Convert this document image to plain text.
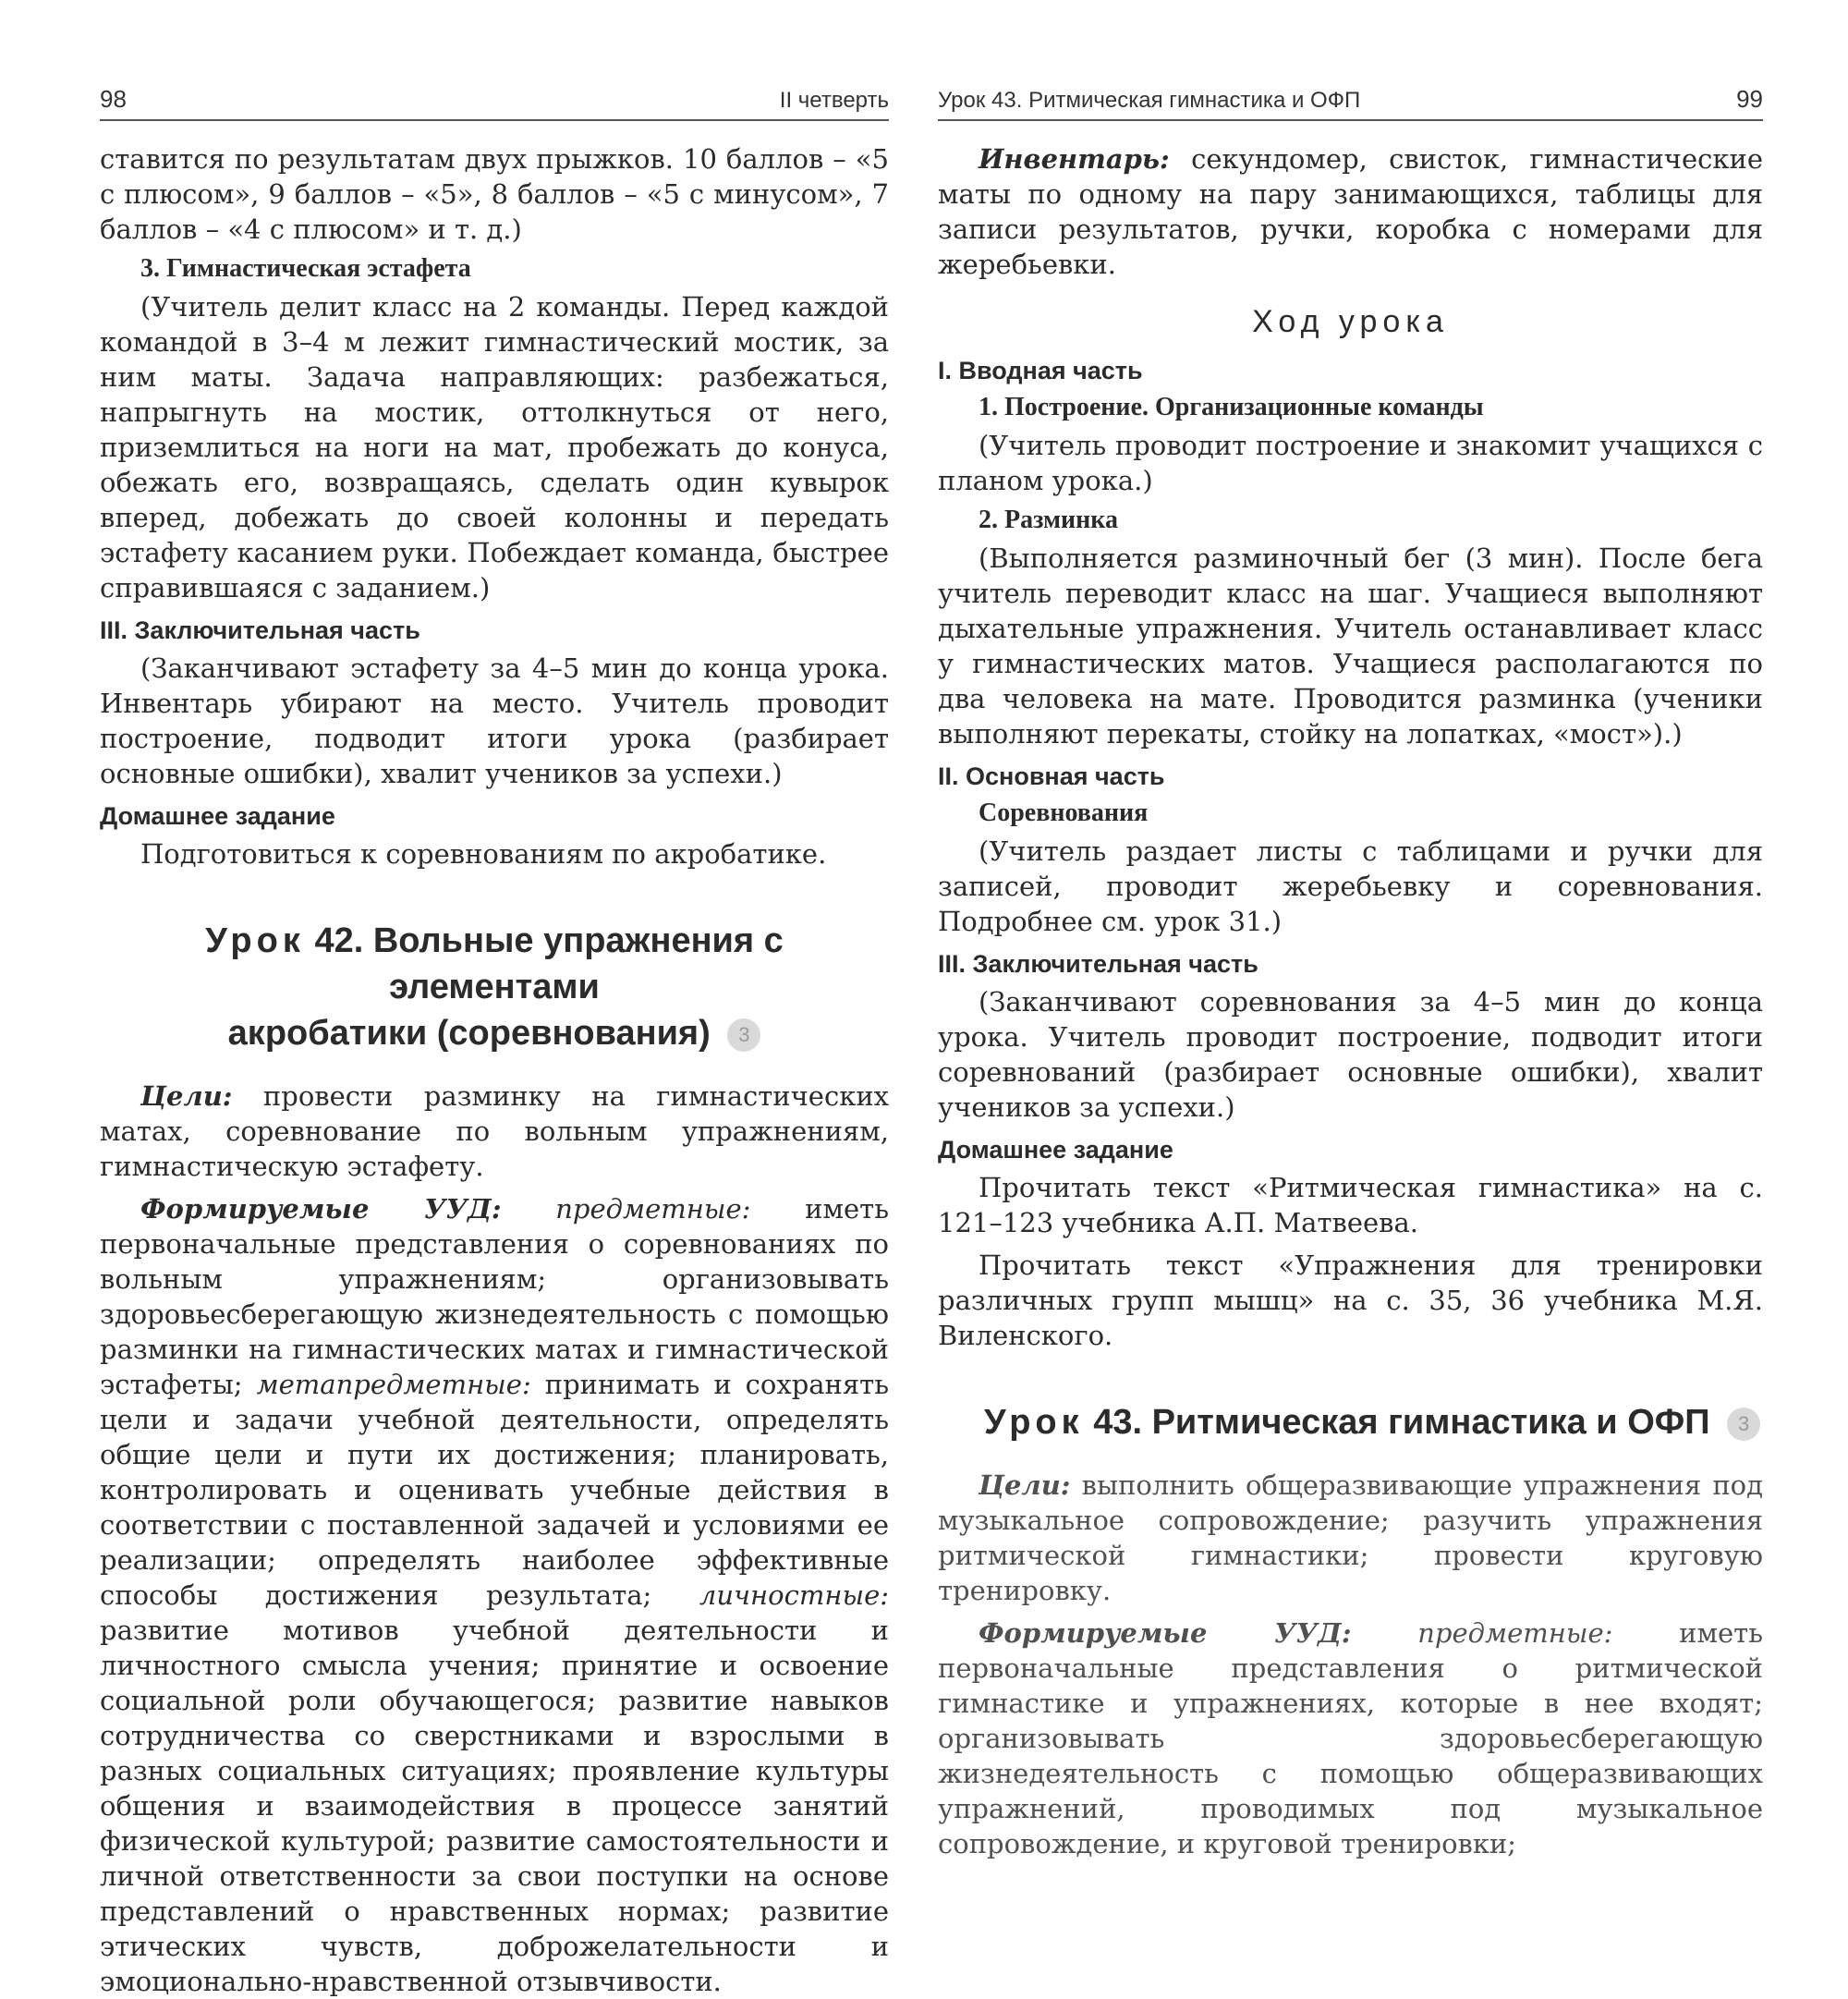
98	II четверть

ставится по результатам двух прыжков. 10 баллов – «5 с плюсом», 9 баллов – «5», 8 баллов – «5 с минусом», 7 баллов – «4 с плюсом» и т. д.)

3. Гимнастическая эстафета

(Учитель делит класс на 2 команды. Перед каждой командой в 3–4 м лежит гимнастический мостик, за ним маты. Задача направляющих: разбежаться, напрыгнуть на мостик, оттолкнуться от него, приземлиться на ноги на мат, пробежать до конуса, обежать его, возвращаясь, сделать один кувырок вперед, добежать до своей колонны и передать эстафету касанием руки. Побеждает команда, быстрее справившаяся с заданием.)

III. Заключительная часть

(Заканчивают эстафету за 4–5 мин до конца урока. Инвентарь убирают на место. Учитель проводит построение, подводит итоги урока (разбирает основные ошибки), хвалит учеников за успехи.)

Домашнее задание

Подготовиться к соревнованиям по акробатике.

Урок 42. Вольные упражнения с элементами
акробатики (соревнования) 3

Цели: провести разминку на гимнастических матах, соревнование по вольным упражнениям, гимнастическую эстафету.

Формируемые УУД: предметные: иметь первоначальные представления о соревнованиях по вольным упражнениям; организовывать здоровьесберегающую жизнедеятельность с помощью разминки на гимнастических матах и гимнастической эстафеты; метапредметные: принимать и сохранять цели и задачи учебной деятельности, определять общие цели и пути их достижения; планировать, контролировать и оценивать учебные действия в соответствии с поставленной задачей и условиями ее реализации; определять наиболее эффективные способы достижения результата; личностные: развитие мотивов учебной деятельности и личностного смысла учения; принятие и освоение социальной роли обучающегося; развитие навыков сотрудничества со сверстниками и взрослыми в разных социальных ситуациях; проявление культуры общения и взаимодействия в процессе занятий физической культурой; развитие самостоятельности и личной ответственности за свои поступки на основе представлений о нравственных нормах; развитие этических чувств, доброжелательности и эмоционально-нравственной отзывчивости.

Урок 43. Ритмическая гимнастика и ОФП	99

Инвентарь: секундомер, свисток, гимнастические маты по одному на пару занимающихся, таблицы для записи результатов, ручки, коробка с номерами для жеребьевки.

Ход урока
I. Вводная часть
1. Построение. Организационные команды

(Учитель проводит построение и знакомит учащихся с планом урока.)

2. Разминка

(Выполняется разминочный бег (3 мин). После бега учитель переводит класс на шаг. Учащиеся выполняют дыхательные упражнения. Учитель останавливает класс у гимнастических матов. Учащиеся располагаются по два человека на мате. Проводится разминка (ученики выполняют перекаты, стойку на лопатках, «мост»).)

II. Основная часть
Соревнования

(Учитель раздает листы с таблицами и ручки для записей, проводит жеребьевку и соревнования. Подробнее см. урок 31.)

III. Заключительная часть

(Заканчивают соревнования за 4–5 мин до конца урока. Учитель проводит построение, подводит итоги соревнований (разбирает основные ошибки), хвалит учеников за успехи.)

Домашнее задание

Прочитать текст «Ритмическая гимнастика» на с. 121–123 учебника А.П. Матвеева.

Прочитать текст «Упражнения для тренировки различных групп мышц» на с. 35, 36 учебника М.Я. Виленского.

Урок 43. Ритмическая гимнастика и ОФП 3

Цели: выполнить общеразвивающие упражнения под музыкальное сопровождение; разучить упражнения ритмической гимнастики; провести круговую тренировку.

Формируемые УУД: предметные: иметь первоначальные представления о ритмической гимнастике и упражнениях, которые в нее входят; организовывать здоровьесберегающую жизнедеятельность с помощью общеразвивающих упражнений, проводимых под музыкальное сопровождение, и круговой тренировки;
